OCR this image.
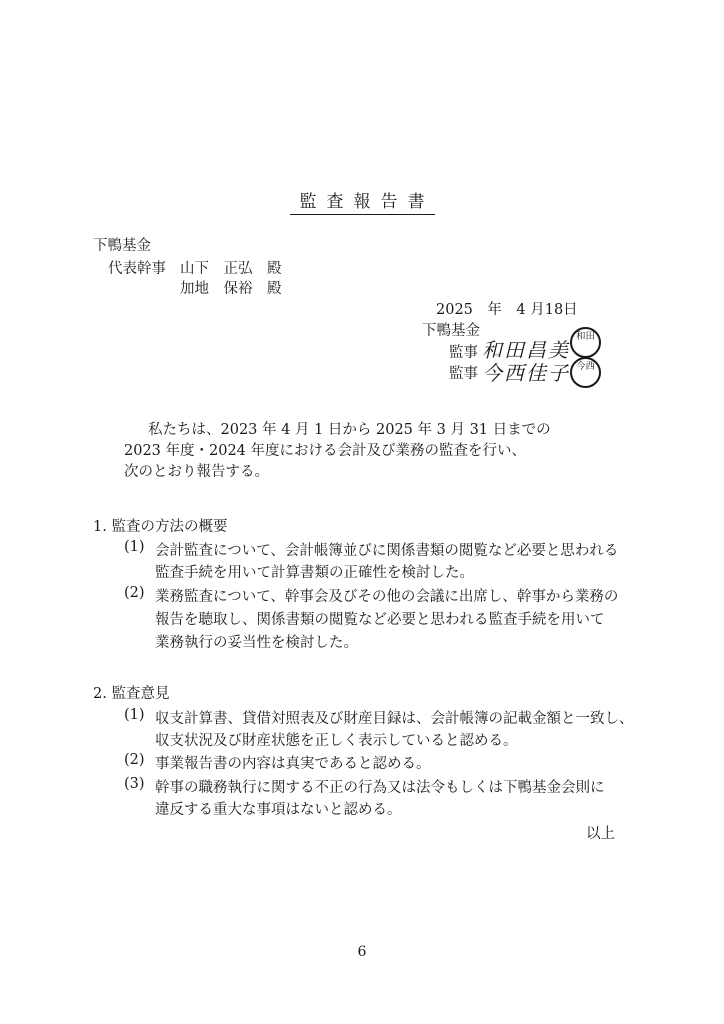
監査報告書
下鴨基金
代表幹事 山下　正弘　殿
加地　保裕　殿
2025　年　4 月18日
下鴨基金
監事 和田昌美
和田
監事 今西佳子 今西
私たちは、2023 年 4 月 1 日から 2025 年 3 月 31 日までの
2023 年度・2024 年度における会計及び業務の監査を行い、
次のとおり報告する。
1. 監査の方法の概要
(1) 会計監査について、会計帳簿並びに関係書類の閲覧など必要と思われる
監査手続を用いて計算書類の正確性を検討した。
(2) 業務監査について、幹事会及びその他の会議に出席し、幹事から業務の
報告を聴取し、関係書類の閲覧など必要と思われる監査手続を用いて
業務執行の妥当性を検討した。
2. 監査意見
(1) 収支計算書、貸借対照表及び財産目録は、会計帳簿の記載金額と一致し、
収支状況及び財産状態を正しく表示していると認める。
(2) 事業報告書の内容は真実であると認める。
(3) 幹事の職務執行に関する不正の行為又は法令もしくは下鴨基金会則に
違反する重大な事項はないと認める。
以上
6
